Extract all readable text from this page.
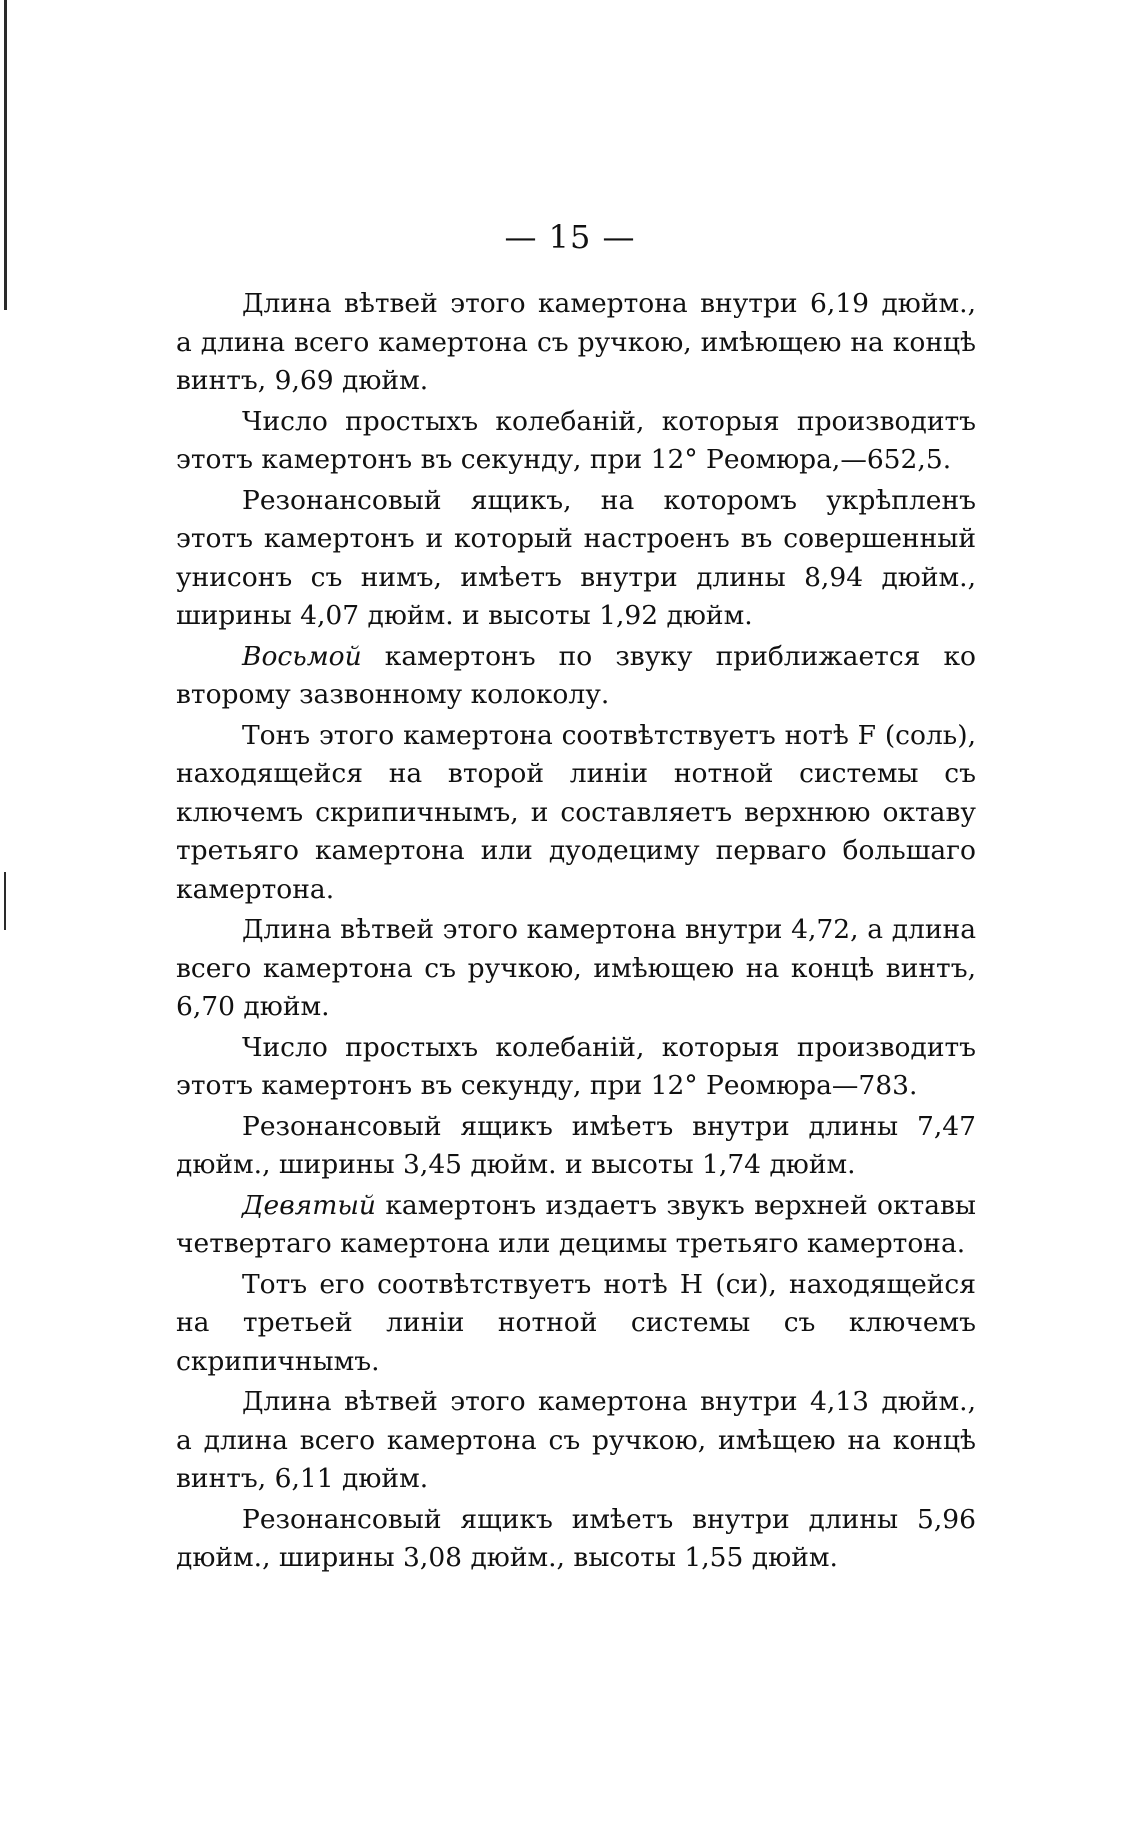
— 15 —

Длина вѣтвей этого камертона внутри 6,19 дюйм., а длина всего камертона съ ручкою, имѣющею на концѣ винтъ, 9,69 дюйм.

Число простыхъ колебаній, которыя производитъ этотъ камертонъ въ секунду, при 12° Реомюра,—652,5.

Резонансовый ящикъ, на которомъ укрѣпленъ этотъ камертонъ и который настроенъ въ совершенный унисонъ съ нимъ, имѣетъ внутри длины 8,94 дюйм., ширины 4,07 дюйм. и высоты 1,92 дюйм.

Восьмой камертонъ по звуку приближается ко второму зазвонному колоколу.

Тонъ этого камертона соотвѣтствуетъ нотѣ F (соль), находящейся на второй линіи нотной системы съ ключемъ скрипичнымъ, и составляетъ верхнюю октаву третьяго камертона или дуодециму перваго большаго камертона.

Длина вѣтвей этого камертона внутри 4,72, а длина всего камертона съ ручкою, имѣющею на концѣ винтъ, 6,70 дюйм.

Число простыхъ колебаній, которыя производитъ этотъ камертонъ въ секунду, при 12° Реомюра—783.

Резонансовый ящикъ имѣетъ внутри длины 7,47 дюйм., ширины 3,45 дюйм. и высоты 1,74 дюйм.

Девятый камертонъ издаетъ звукъ верхней октавы четвертаго камертона или децимы третьяго камертона.

Тотъ его соотвѣтствуетъ нотѣ H (си), находящейся на третьей линіи нотной системы съ ключемъ скрипичнымъ.

Длина вѣтвей этого камертона внутри 4,13 дюйм., а длина всего камертона съ ручкою, имѣщею на концѣ винтъ, 6,11 дюйм.

Резонансовый ящикъ имѣетъ внутри длины 5,96 дюйм., ширины 3,08 дюйм., высоты 1,55 дюйм.
